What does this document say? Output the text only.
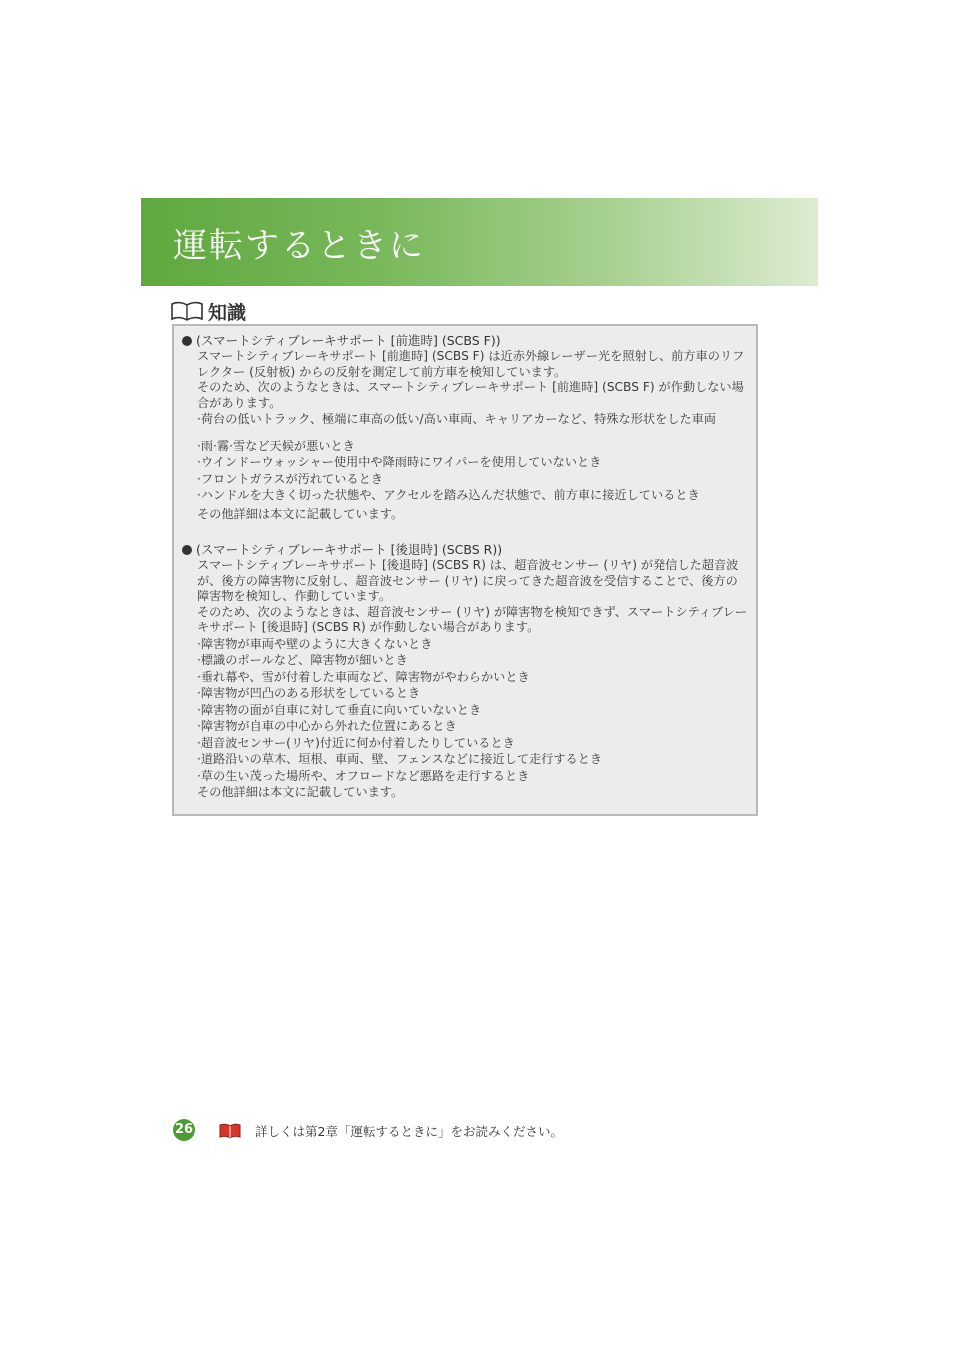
運転するときに
知識
(スマートシティブレーキサポート [前進時] (SCBS F))
スマートシティブレーキサポート [前進時] (SCBS F) は近赤外線レーザー光を照射し、前方車のリフレクター (反射板) からの反射を測定して前方車を検知しています。
そのため、次のようなときは、スマートシティブレーキサポート [前進時] (SCBS F) が作動しない場合があります。
·荷台の低いトラック、極端に車高の低い/高い車両、キャリアカーなど、特殊な形状をした車両
·雨·霧·雪など天候が悪いとき
·ウインドーウォッシャー使用中や降雨時にワイパーを使用していないとき
·フロントガラスが汚れているとき
·ハンドルを大きく切った状態や、アクセルを踏み込んだ状態で、前方車に接近しているとき
その他詳細は本文に記載しています。
(スマートシティブレーキサポート [後退時] (SCBS R))
スマートシティブレーキサポート [後退時] (SCBS R) は、超音波センサー (リヤ) が発信した超音波が、後方の障害物に反射し、超音波センサー (リヤ) に戻ってきた超音波を受信することで、後方の障害物を検知し、作動しています。
そのため、次のようなときは、超音波センサー (リヤ) が障害物を検知できず、スマートシティブレーキサポート [後退時] (SCBS R) が作動しない場合があります。
·障害物が車両や壁のように大きくないとき
·標識のポールなど、障害物が細いとき
·垂れ幕や、雪が付着した車両など、障害物がやわらかいとき
·障害物が凹凸のある形状をしているとき
·障害物の面が自車に対して垂直に向いていないとき
·障害物が自車の中心から外れた位置にあるとき
·超音波センサー(リヤ)付近に何か付着したりしているとき
·道路沿いの草木、垣根、車両、壁、フェンスなどに接近して走行するとき
·草の生い茂った場所や、オフロードなど悪路を走行するとき
その他詳細は本文に記載しています。
26	詳しくは第2章「運転するときに」をお読みください。
